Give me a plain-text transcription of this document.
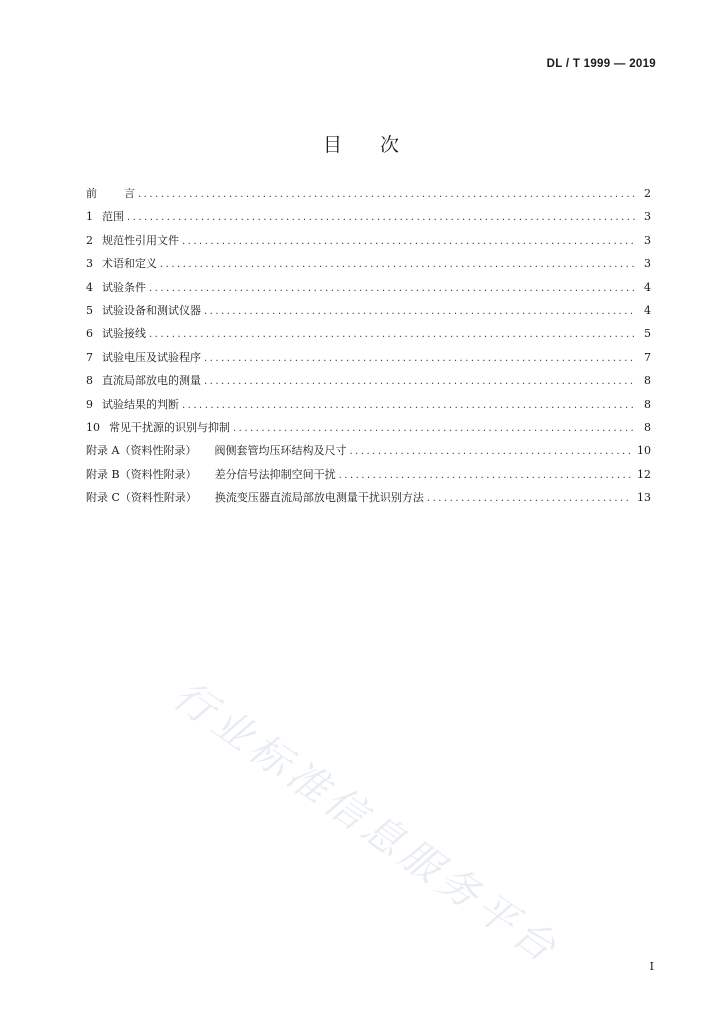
DL / T 1999 — 2019
目 次
前 言 .....	2
1 范围 .....	3
2 规范性引用文件 .....	3
3 术语和定义 .....	3
4 试验条件 .....	4
5 试验设备和测试仪器 .....	4
6 试验接线 .....	5
7 试验电压及试验程序 .....	7
8 直流局部放电的测量 .....	8
9 试验结果的判断 .....	8
10 常见干扰源的识别与抑制 .....	8
附录 A（资料性附录） 阀侧套管均压环结构及尺寸 .....	10
附录 B（资料性附录） 差分信号法抑制空间干扰 .....	12
附录 C（资料性附录） 换流变压器直流局部放电测量干扰识别方法 .....	13
行业标准信息服务平台	I
